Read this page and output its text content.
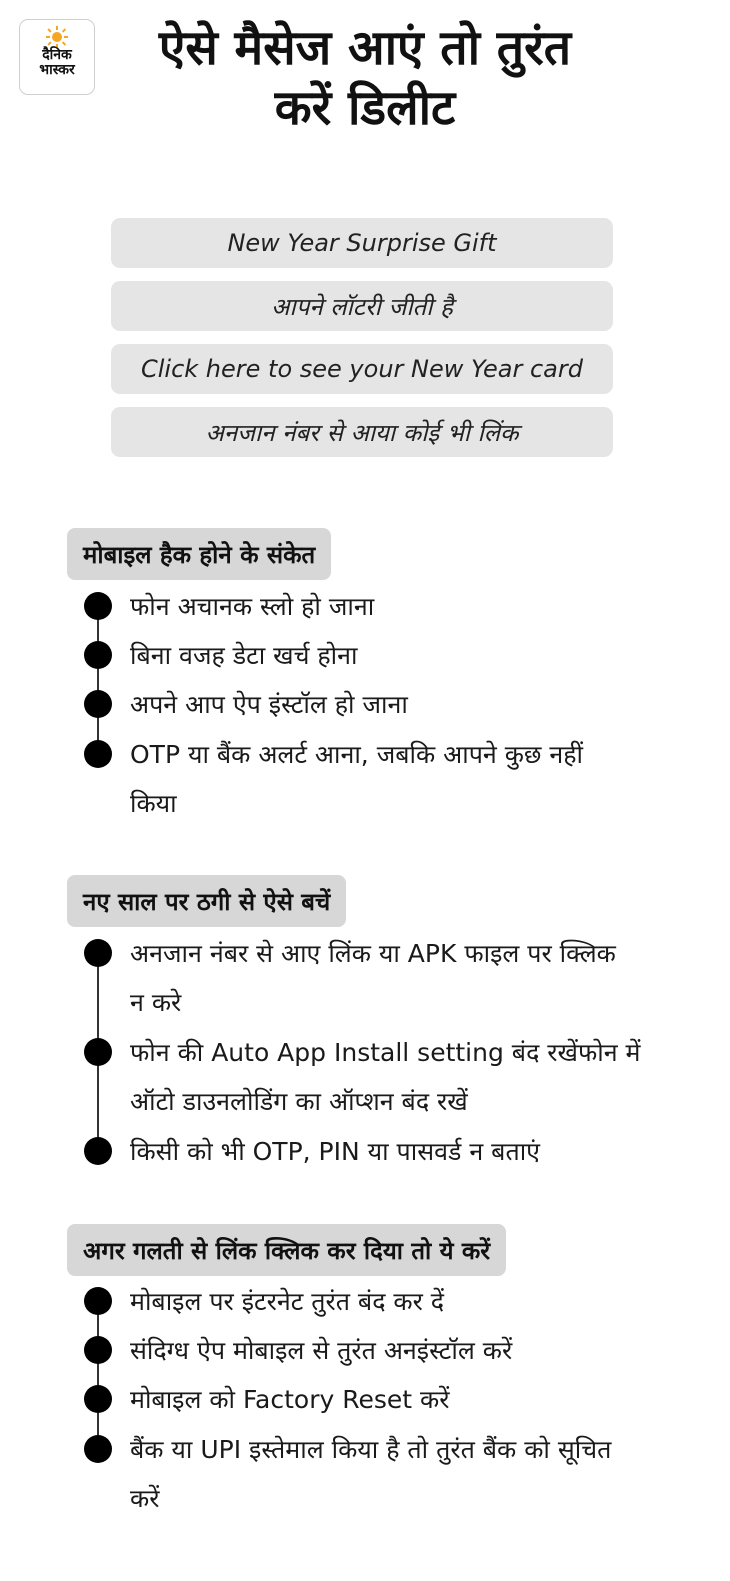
दैनिक भास्कर	ऐसे मैसेज आएं तो तुरंत करें डिलीट
New Year Surprise Gift
आपने लॉटरी जीती है
Click here to see your New Year card
अनजान नंबर से आया कोई भी लिंक
मोबाइल हैक होने के संकेत
फोन अचानक स्लो हो जाना
बिना वजह डेटा खर्च होना
अपने आप ऐप इंस्टॉल हो जाना
OTP या बैंक अलर्ट आना, जबकि आपने कुछ नहीं किया
नए साल पर ठगी से ऐसे बचें
अनजान नंबर से आए लिंक या APK फाइल पर क्लिक न करे
फोन की Auto App Install setting बंद रखेंफोन में ऑटो डाउनलोडिंग का ऑप्शन बंद रखें
किसी को भी OTP, PIN या पासवर्ड न बताएं
अगर गलती से लिंक क्लिक कर दिया तो ये करें
मोबाइल पर इंटरनेट तुरंत बंद कर दें
संदिग्ध ऐप मोबाइल से तुरंत अनइंस्टॉल करें
मोबाइल को Factory Reset करें
बैंक या UPI इस्तेमाल किया है तो तुरंत बैंक को सूचित करें
